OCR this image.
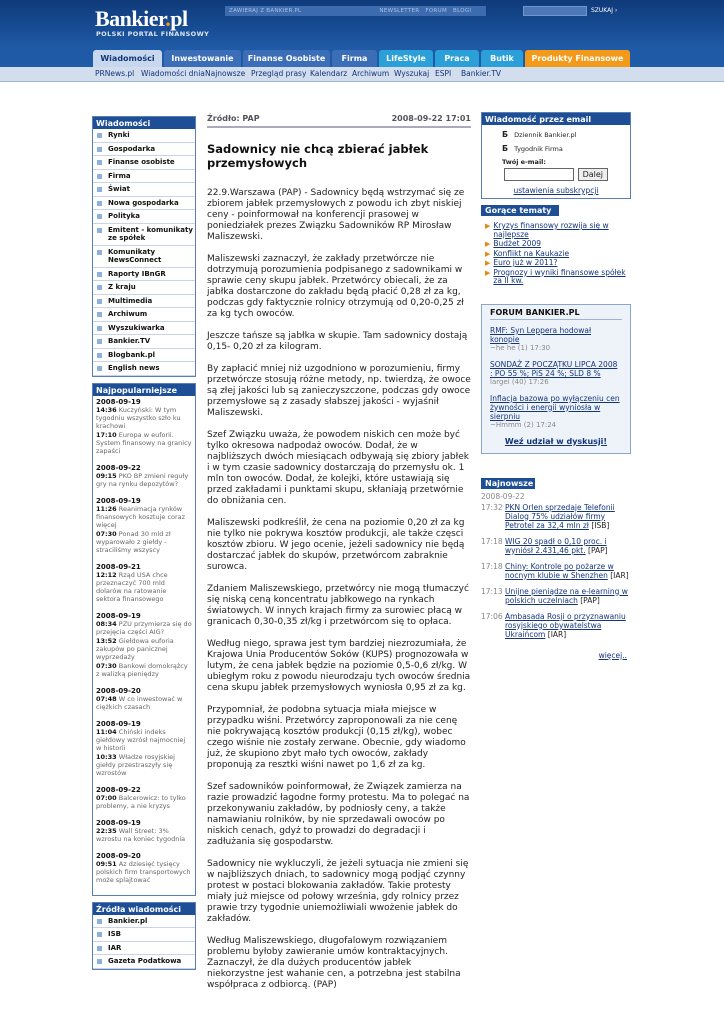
Bankier.pl
POLSKI PORTAL FINANSOWY
ZAWIERAJ Z BANKIER.PL	NEWSLETTER FORUM BLOGI	SZUKAJ ›
Wiadomości	Inwestowanie	Finanse Osobiste	Firma	LifeStyle	Praca	Butik	Produkty Finansowe
PRNews.pl Wiadomości dnia Najnowsze Przegląd prasy Kalendarz Archiwum Wyszukaj ESPI Bankier.TV
Wiadomości
Rynki
Gospodarka
Finanse osobiste
Firma
Świat
Nowa gospodarka
Polityka
Emitent - komunikaty ze spółek
Komunikaty NewsConnect
Raporty IBnGR
Z kraju
Multimedia
Archiwum
Wyszukiwarka
Bankier.TV
Blogbank.pl
English news
Najpopularniejsze
2008-09-19
14:36 Kuczyński: W tym tygodniu wszystko szło ku krachowi
17:10 Europa w euforii. System finansowy na granicy zapaści
2008-09-22
09:15 PKO BP zmieni reguły gry na rynku depozytów?
2008-09-19
11:26 Reanimacja rynków finansowych kosztuje coraz więcej
07:30 Ponad 30 mld zł wyparowało z giełdy - straciliśmy wszyscy
2008-09-21
12:12 Rząd USA chce przeznaczyć 700 mld dolarów na ratowanie sektora finansowego
2008-09-19
08:34 PZU przymierza się do przejęcia części AIG?
13:52 Giełdowa euforia zakupów po panicznej wyprzedaży
07:30 Bankowi domokrążcy z walizką pieniędzy
2008-09-20
07:48 W co inwestować w ciężkich czasach
2008-09-19
11:04 Chiński indeks giełdowy wzrósł najmocniej w historii
10:33 Władze rosyjskiej giełdy przestraszyły się wzrostów
2008-09-22
07:00 Balcerowicz: to tylko problemy, a nie kryzys
2008-09-19
22:35 Wall Street: 3% wzrostu na koniec tygodnia
2008-09-20
09:51 Az dziesięć tysięcy polskich firm transportowych może splajtować
Źródła wiadomości
Bankier.pl
ISB
IAR
Gazeta Podatkowa
Źródło: PAP	2008-09-22 17:01
Sadownicy nie chcą zbierać jabłek przemysłowych

22.9.Warszawa (PAP) - Sadownicy będą wstrzymać się ze zbiorem jabłek przemysłowych z powodu ich zbyt niskiej ceny - poinformował na konferencji prasowej w poniedziałek prezes Związku Sadowników RP Mirosław Maliszewski.

Maliszewski zaznaczył, że zakłady przetwórcze nie dotrzymują porozumienia podpisanego z sadownikami w sprawie ceny skupu jabłek. Przetwórcy obiecali, że za jabłka dostarczone do zakładu będą płacić 0,28 zł za kg, podczas gdy faktycznie rolnicy otrzymują od 0,20-0,25 zł za kg tych owoców.

Jeszcze tańsze są jabłka w skupie. Tam sadownicy dostają 0,15- 0,20 zł za kilogram.

By zapłacić mniej niż uzgodniono w porozumieniu, firmy przetwórcze stosują różne metody, np. twierdzą, że owoce są złej jakości lub są zanieczyszczone, podczas gdy owoce przemysłowe są z zasady słabszej jakości - wyjaśnił Maliszewski.

Szef Związku uważa, że powodem niskich cen może być tylko okresowa nadpodaż owoców. Dodał, że w najbliższych dwóch miesiącach odbywają się zbiory jabłek i w tym czasie sadownicy dostarczają do przemysłu ok. 1 mln ton owoców. Dodał, że kolejki, które ustawiają się przed zakładami i punktami skupu, skłaniają przetwórnie do obniżania cen.

Maliszewski podkreślił, że cena na poziomie 0,20 zł za kg nie tylko nie pokrywa kosztów produkcji, ale także częsci kosztów zbioru. W jego ocenie, jeżeli sadownicy nie będą dostarczać jabłek do skupów, przetwórcom zabraknie surowca.

Zdaniem Maliszewskiego, przetwórcy nie mogą tłumaczyć się niską ceną koncentratu jabłkowego na rynkach światowych. W innych krajach firmy za surowiec płacą w granicach 0,30-0,35 zł/kg i przetwórcom się to opłaca.

Według niego, sprawa jest tym bardziej niezrozumiała, że Krajowa Unia Producentów Soków (KUPS) prognozowała w lutym, że cena jabłek będzie na poziomie 0,5-0,6 zł/kg. W ubiegłym roku z powodu nieurodzaju tych owoców średnia cena skupu jabłek przemysłowych wyniosła 0,95 zł za kg.

Przypomniał, że podobna sytuacja miała miejsce w przypadku wiśni. Przetwórcy zaproponowali za nie cenę nie pokrywającą kosztów produkcji (0,15 zł/kg), wobec czego wiśnie nie zostały zerwane. Obecnie, gdy wiadomo już, że skupiono zbyt mało tych owoców, zakłady proponują za resztki wiśni nawet po 1,6 zł za kg.

Szef sadowników poinformował, że Związek zamierza na razie prowadzić łagodne formy protestu. Ma to polegać na przekonywaniu zakładów, by podniosły ceny, a także namawianiu rolników, by nie sprzedawali owoców po niskich cenach, gdyż to prowadzi do degradacji i zadłużania się gospodarstw.

Sadownicy nie wykluczyli, że jeżeli sytuacja nie zmieni się w najbliższych dniach, to sadownicy mogą podjąć czynny protest w postaci blokowania zakładów. Takie protesty miały już miejsce od połowy września, gdy rolnicy przez prawie trzy tygodnie uniemożliwiali wwożenie jabłek do zakładów.

Według Maliszewskiego, długofalowym rozwiązaniem problemu byłoby zawieranie umów kontraktacyjnych. Zaznaczył, że dla dużych producentów jabłek niekorzystne jest wahanie cen, a potrzebna jest stabilna współpraca z odbiorcą. (PAP)

Wiadomość przez email
Б Dziennik Bankier.pl
Б Tygodnik Firma
Twój e-mail:
Dalej
ustawienia subskrypcji
Gorące tematy
▶ Kryzys finansowy rozwija się w najlepsze
▶ Budżet 2009
▶ Konflikt na Kaukazie
▶ Euro już w 2011?
▶ Prognozy i wyniki finansowe spółek za II kw.
FORUM BANKIER.PL
RMF: Syn Leppera hodował konopie
~he he (1) 17:30
SONDAŻ Z POCZĄTKU LIPCA 2008 : PO 55 %; PiS 24 %; SLD 8 %
largei (40) 17:26
Inflacja bazowa po wyłączeniu cen żywności i energii wyniosła w sierpniu
~Hmmm (2) 17:24
Weź udział w dyskusji!
Najnowsze
2008-09-22
17:32 PKN Orlen sprzedaje Telefonii Dialog 75% udziałów firmy Petrotel za 32,4 mln zł [ISB]
17:18 WIG 20 spadł o 0,10 proc. i wyniósł 2.431,46 pkt. [PAP]
17:18 Chiny: Kontrole po pożarze w nocnym klubie w Shenzhen [IAR]
17:13 Unijne pieniądze na e-learning w polskich uczelniach [PAP]
17:06 Ambasada Rosji o przyznawaniu rosyjskiego obywatelstwa Ukraińcom [IAR]
więcej..
